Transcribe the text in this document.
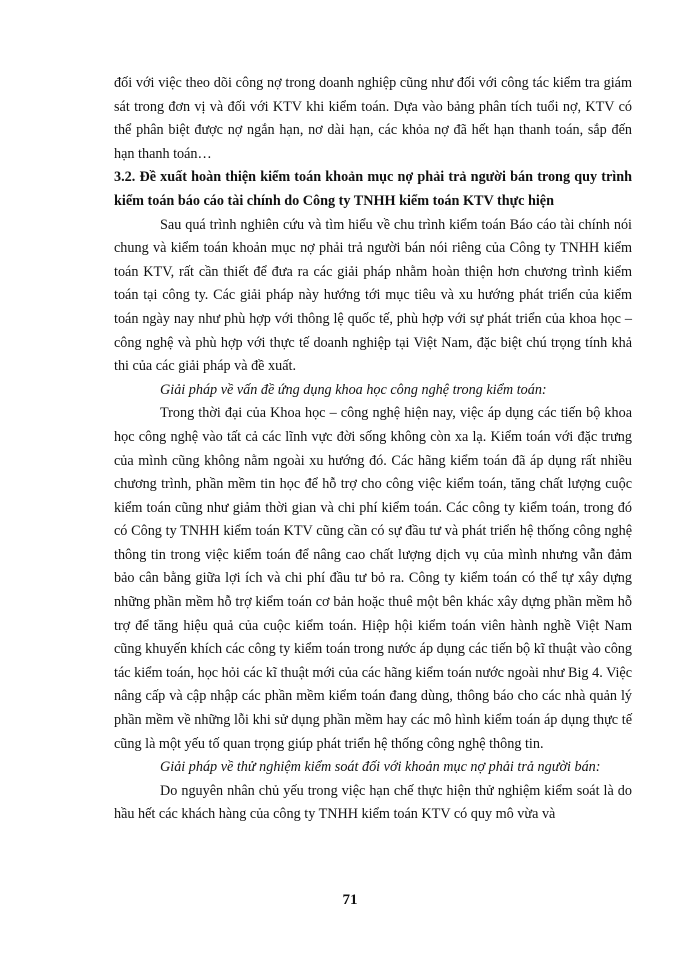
đối với việc theo dõi công nợ trong doanh nghiệp cũng như đối với công tác kiểm tra giám sát trong đơn vị và đối với KTV khi kiểm toán. Dựa vào bảng phân tích tuổi nợ, KTV có thể phân biệt được nợ ngắn hạn, nơ dài hạn, các khỏa nợ đã hết hạn thanh toán, sắp đến hạn thanh toán…

3.2. Đề xuất hoàn thiện kiểm toán khoản mục nợ phải trả người bán trong quy trình kiểm toán báo cáo tài chính do Công ty TNHH kiểm toán KTV thực hiện

Sau quá trình nghiên cứu và tìm hiểu về chu trình kiểm toán Báo cáo tài chính nói chung và kiểm toán khoản mục nợ phải trả người bán nói riêng của Công ty TNHH kiểm toán KTV, rất cần thiết để đưa ra các giải pháp nhằm hoàn thiện hơn chương trình kiểm toán tại công ty. Các giải pháp này hướng tới mục tiêu và xu hướng phát triển của kiểm toán ngày nay như phù hợp với thông lệ quốc tế, phù hợp với sự phát triển của khoa học – công nghệ và phù hợp với thực tế doanh nghiệp tại Việt Nam, đặc biệt chú trọng tính khả thi của các giải pháp và đề xuất.

Giải pháp về vấn đề ứng dụng khoa học công nghệ trong kiểm toán:

Trong thời đại của Khoa học – công nghệ hiện nay, việc áp dụng các tiến bộ khoa học công nghệ vào tất cả các lĩnh vực đời sống không còn xa lạ. Kiểm toán với đặc trưng của mình cũng không nằm ngoài xu hướng đó. Các hãng kiểm toán đã áp dụng rất nhiều chương trình, phần mềm tin học để hỗ trợ cho công việc kiểm toán, tăng chất lượng cuộc kiểm toán cũng như giảm thời gian và chi phí kiểm toán. Các công ty kiểm toán, trong đó có Công ty TNHH kiểm toán KTV cũng cần có sự đầu tư và phát triển hệ thống công nghệ thông tin trong việc kiểm toán để nâng cao chất lượng dịch vụ của mình nhưng vẫn đảm bảo cân bằng giữa lợi ích và chi phí đầu tư bỏ ra. Công ty kiểm toán có thể tự xây dựng những phần mềm hỗ trợ kiểm toán cơ bản hoặc thuê một bên khác xây dựng phần mềm hỗ trợ để tăng hiệu quả của cuộc kiểm toán. Hiệp hội kiểm toán viên hành nghề Việt Nam cũng khuyến khích các công ty kiểm toán trong nước áp dụng các tiến bộ kĩ thuật vào công tác kiểm toán, học hỏi các kĩ thuật mới của các hãng kiểm toán nước ngoài như Big 4. Việc nâng cấp và cập nhập các phần mềm kiểm toán đang dùng, thông báo cho các nhà quản lý phần mềm về những lỗi khi sử dụng phần mềm hay các mô hình kiểm toán áp dụng thực tế cũng là một yếu tố quan trọng giúp phát triển hệ thống công nghệ thông tin.

Giải pháp về thử nghiệm kiểm soát đối với khoản mục nợ phải trả người bán:

Do nguyên nhân chủ yếu trong việc hạn chế thực hiện thử nghiệm kiểm soát là do hầu hết các khách hàng của công ty TNHH kiểm toán KTV có quy mô vừa và

71
